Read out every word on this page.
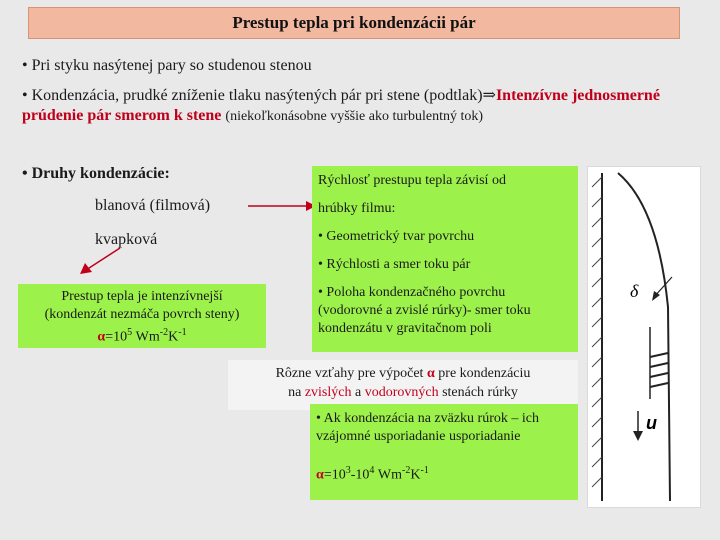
Prestup tepla pri kondenzácii pár
• Pri styku nasýtenej pary so studenou stenou
• Kondenzácia, prudké zníženie tlaku nasýtených pár pri stene (podtlak)⇒Intenzívne jednosmerné prúdenie pár smerom k stene (niekoľkonásobne vyššie ako turbulentný tok)
• Druhy kondenzácie:
blanová (filmová)
kvapková
Prestup tepla je intenzívnejší
(kondenzát nezmáča povrch steny)
$\alpha=10^5$ $Wm^{-2}K^{-1}$
Rýchlosť prestupu tepla závisí od
hrúbky filmu:
• Geometrický tvar povrchu
• Rýchlosti a smer toku pár
• Poloha kondenzačného povrchu (vodorovné a zvislé rúrky)- smer toku kondenzátu v gravitačnom poli
Rôzne vzťahy pre výpočet α pre kondenzáciu
na zvislých a vodorovných stenách rúrky
• Ak kondenzácia na zväzku rúrok – ich vzájomné usporiadanie usporiadanie
$\alpha=10^3-10^4$ $Wm^{-2}K^{-1}$
δ
u
